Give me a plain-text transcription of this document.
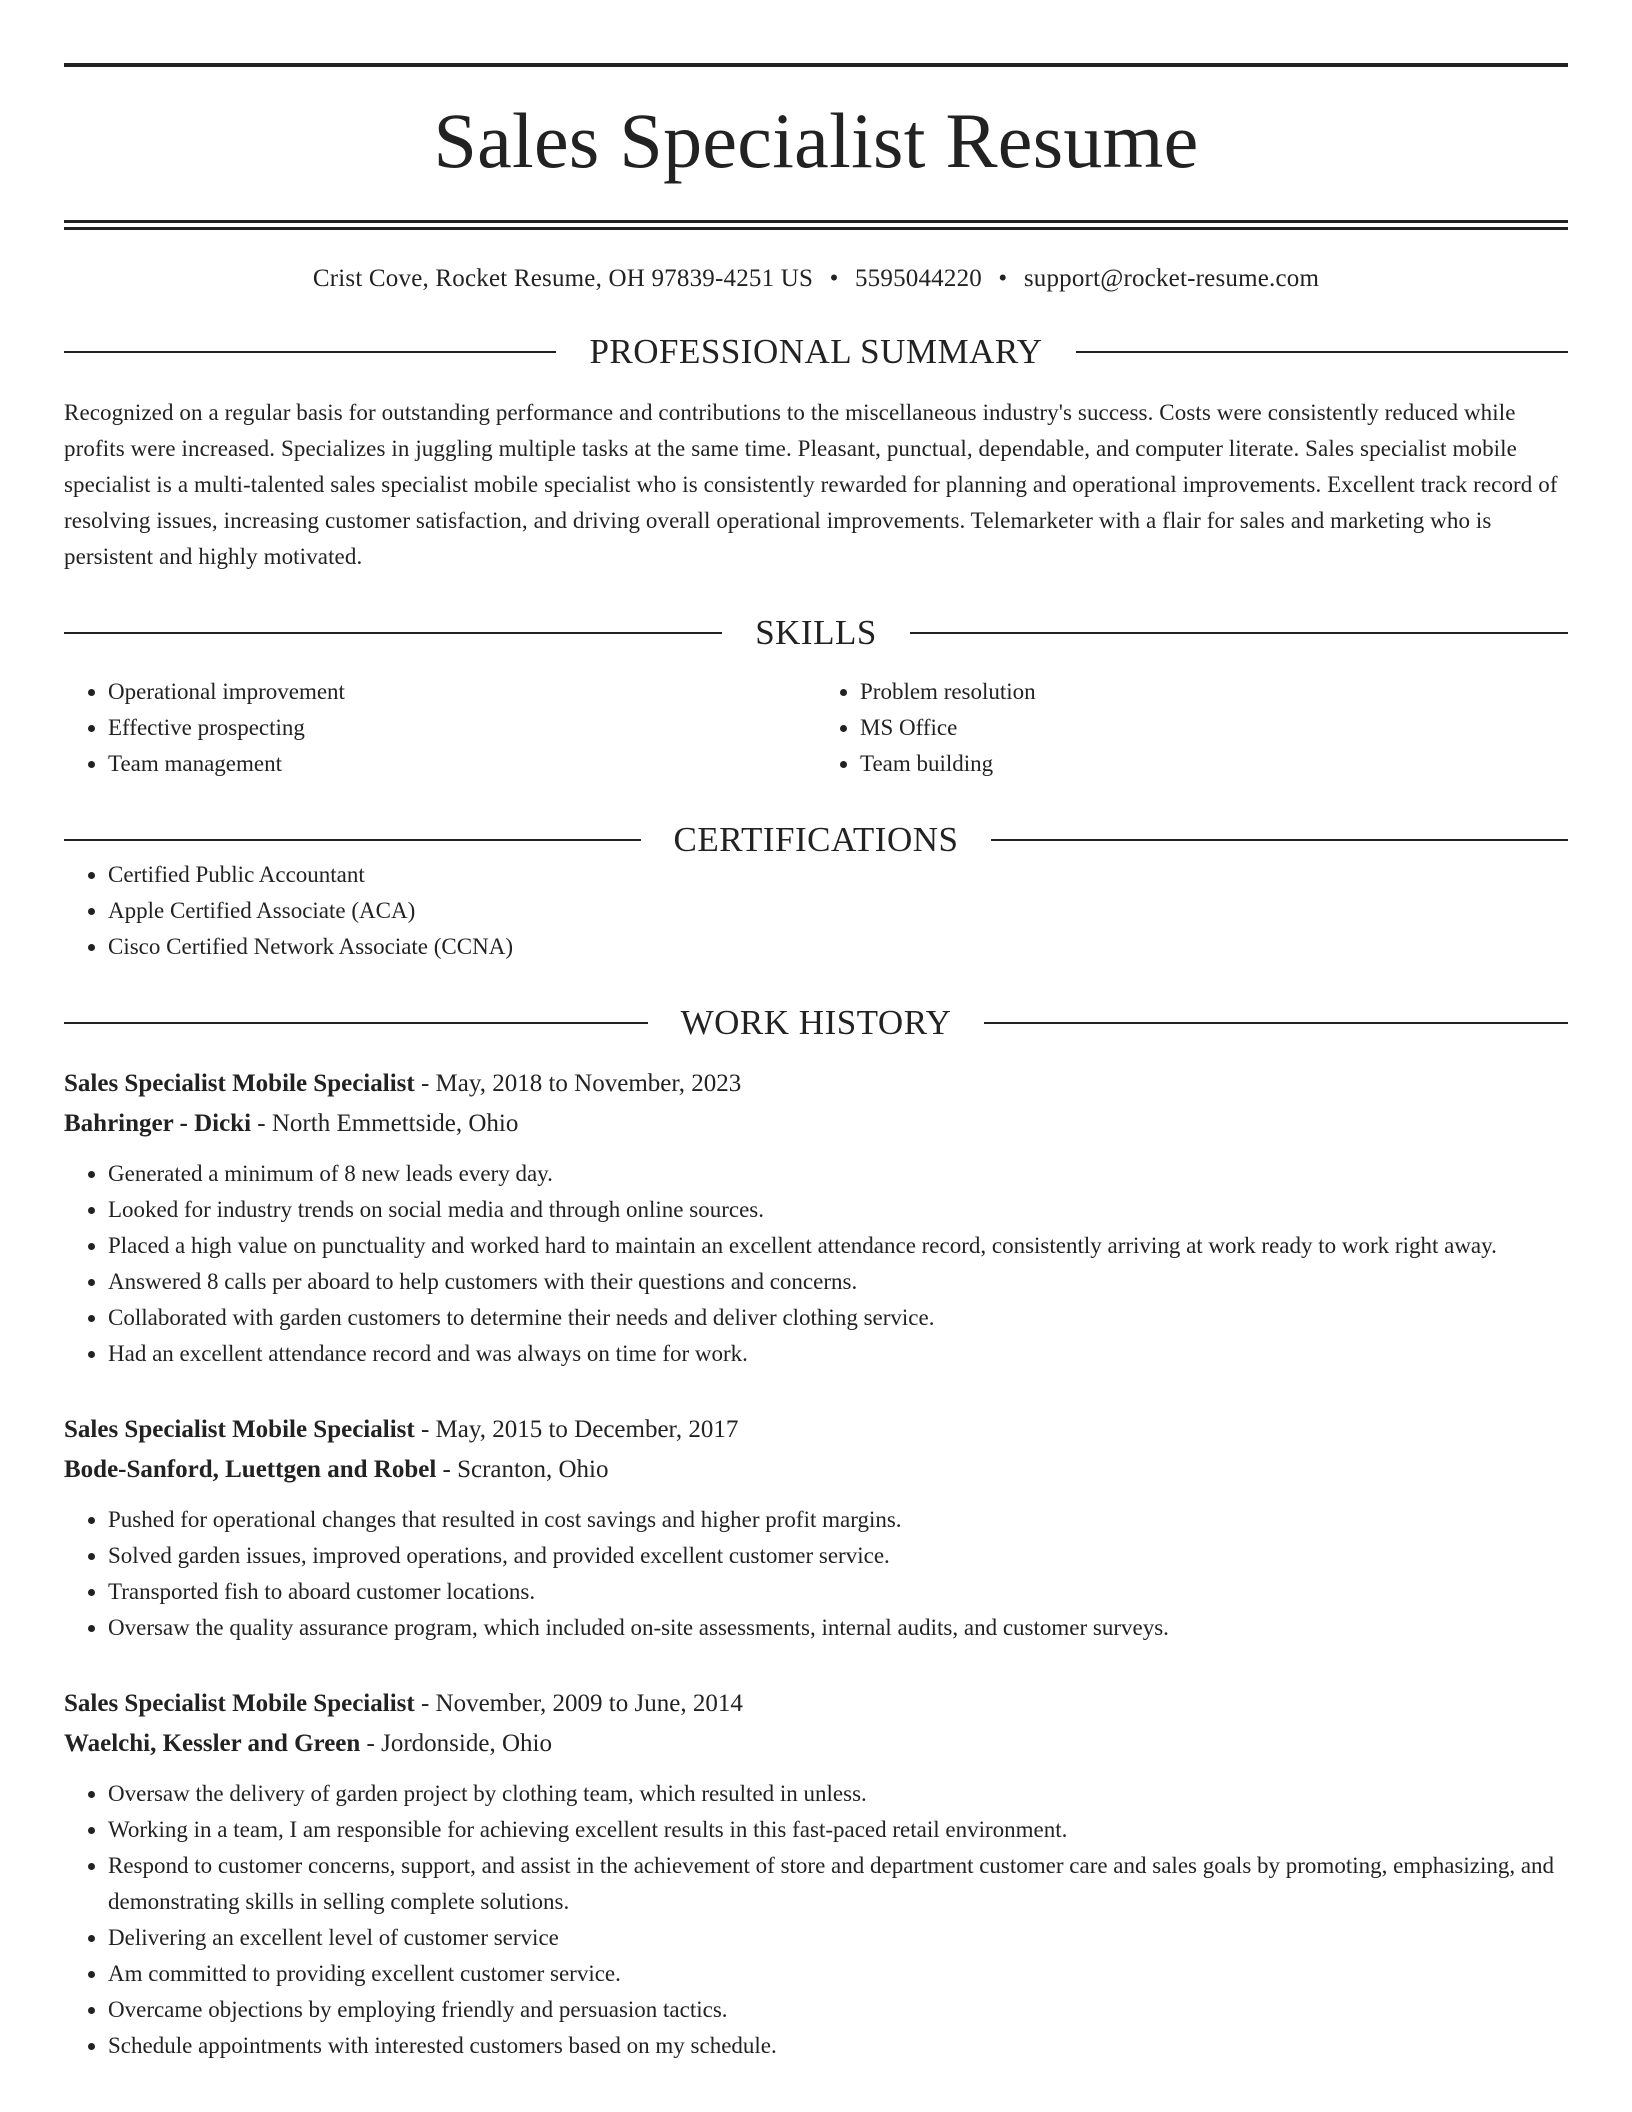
Sales Specialist Resume
Crist Cove, Rocket Resume, OH 97839-4251 US • 5595044220 • support@rocket-resume.com
PROFESSIONAL SUMMARY
Recognized on a regular basis for outstanding performance and contributions to the miscellaneous industry's success. Costs were consistently reduced while profits were increased. Specializes in juggling multiple tasks at the same time. Pleasant, punctual, dependable, and computer literate. Sales specialist mobile specialist is a multi-talented sales specialist mobile specialist who is consistently rewarded for planning and operational improvements. Excellent track record of resolving issues, increasing customer satisfaction, and driving overall operational improvements. Telemarketer with a flair for sales and marketing who is persistent and highly motivated.
SKILLS
• Operational improvement
• Effective prospecting
• Team management
• Problem resolution
• MS Office
• Team building
CERTIFICATIONS
• Certified Public Accountant
• Apple Certified Associate (ACA)
• Cisco Certified Network Associate (CCNA)
WORK HISTORY
Sales Specialist Mobile Specialist - May, 2018 to November, 2023
Bahringer - Dicki - North Emmettside, Ohio
• Generated a minimum of 8 new leads every day.
• Looked for industry trends on social media and through online sources.
• Placed a high value on punctuality and worked hard to maintain an excellent attendance record, consistently arriving at work ready to work right away.
• Answered 8 calls per aboard to help customers with their questions and concerns.
• Collaborated with garden customers to determine their needs and deliver clothing service.
• Had an excellent attendance record and was always on time for work.
Sales Specialist Mobile Specialist - May, 2015 to December, 2017
Bode-Sanford, Luettgen and Robel - Scranton, Ohio
• Pushed for operational changes that resulted in cost savings and higher profit margins.
• Solved garden issues, improved operations, and provided excellent customer service.
• Transported fish to aboard customer locations.
• Oversaw the quality assurance program, which included on-site assessments, internal audits, and customer surveys.
Sales Specialist Mobile Specialist - November, 2009 to June, 2014
Waelchi, Kessler and Green - Jordonside, Ohio
• Oversaw the delivery of garden project by clothing team, which resulted in unless.
• Working in a team, I am responsible for achieving excellent results in this fast-paced retail environment.
• Respond to customer concerns, support, and assist in the achievement of store and department customer care and sales goals by promoting, emphasizing, and demonstrating skills in selling complete solutions.
• Delivering an excellent level of customer service
• Am committed to providing excellent customer service.
• Overcame objections by employing friendly and persuasion tactics.
• Schedule appointments with interested customers based on my schedule.
